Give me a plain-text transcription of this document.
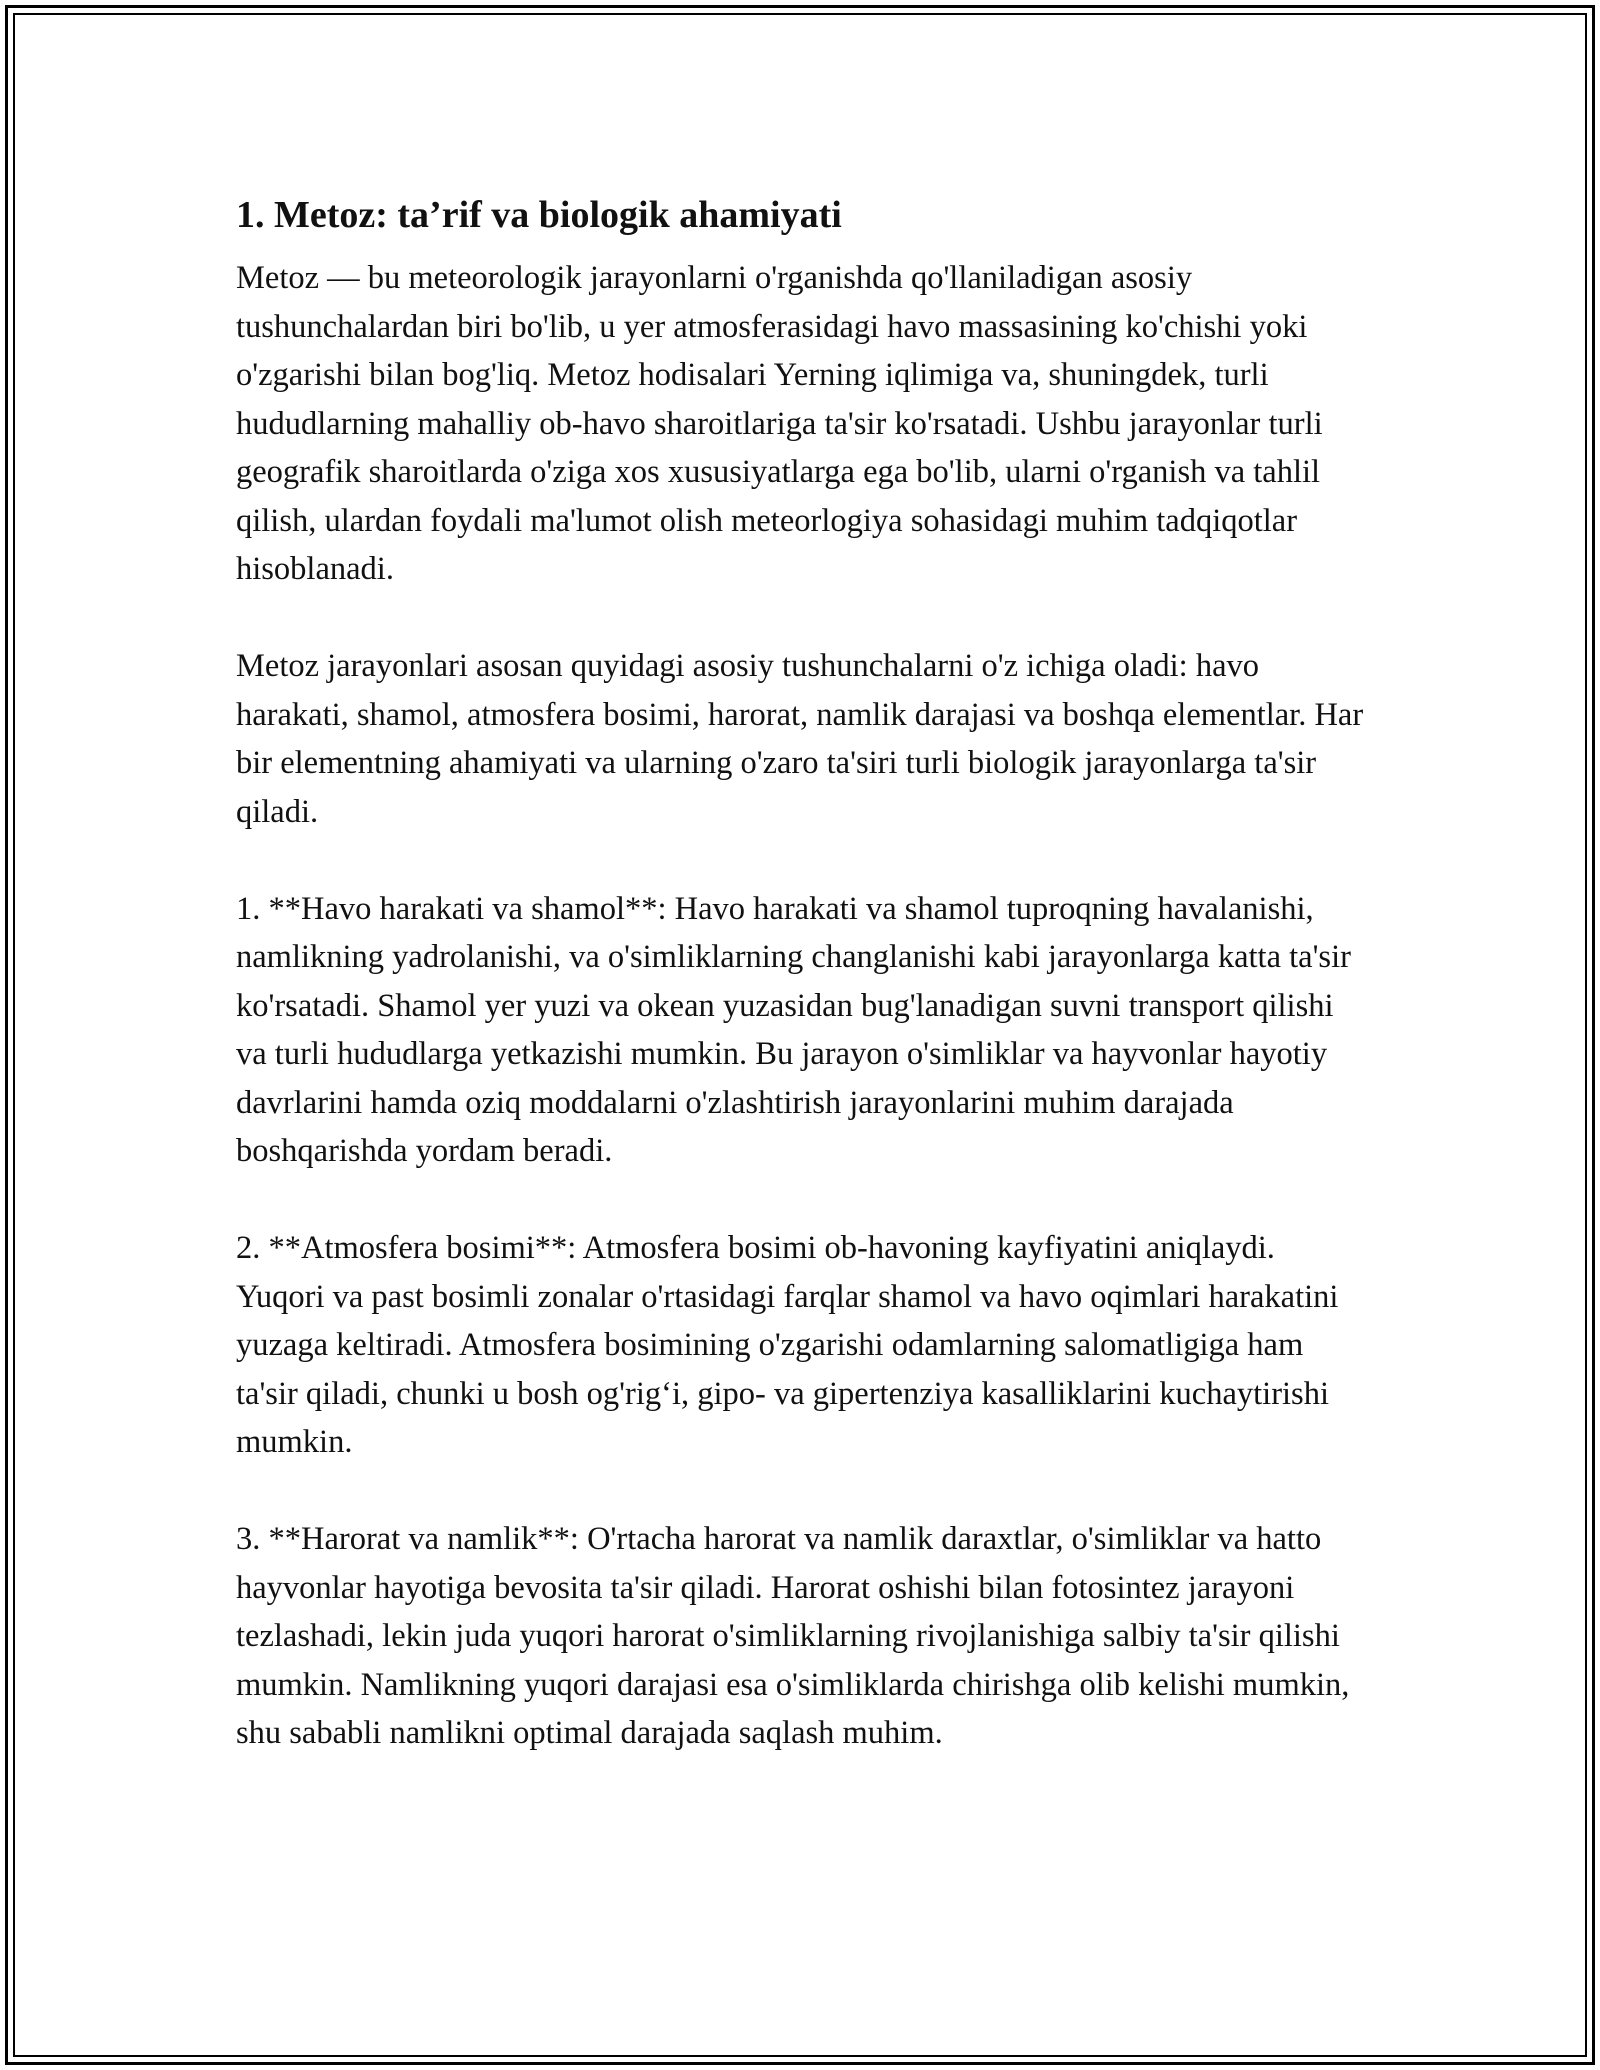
1. Metoz: ta’rif va biologik ahamiyati

Metoz — bu meteorologik jarayonlarni o'rganishda qo'llaniladigan asosiy tushunchalardan biri bo'lib, u yer atmosferasidagi havo massasining ko'chishi yoki o'zgarishi bilan bog'liq. Metoz hodisalari Yerning iqlimiga va, shuningdek, turli hududlarning mahalliy ob-havo sharoitlariga ta'sir ko'rsatadi. Ushbu jarayonlar turli geografik sharoitlarda o'ziga xos xususiyatlarga ega bo'lib, ularni o'rganish va tahlil qilish, ulardan foydali ma'lumot olish meteorlogiya sohasidagi muhim tadqiqotlar hisoblanadi.

Metoz jarayonlari asosan quyidagi asosiy tushunchalarni o'z ichiga oladi: havo harakati, shamol, atmosfera bosimi, harorat, namlik darajasi va boshqa elementlar. Har bir elementning ahamiyati va ularning o'zaro ta'siri turli biologik jarayonlarga ta'sir qiladi.

1. **Havo harakati va shamol**: Havo harakati va shamol tuproqning havalanishi, namlikning yadrolanishi, va o'simliklarning changlanishi kabi jarayonlarga katta ta'sir ko'rsatadi. Shamol yer yuzi va okean yuzasidan bug'lanadigan suvni transport qilishi va turli hududlarga yetkazishi mumkin. Bu jarayon o'simliklar va hayvonlar hayotiy davrlarini hamda oziq moddalarni o'zlashtirish jarayonlarini muhim darajada boshqarishda yordam beradi.

2. **Atmosfera bosimi**: Atmosfera bosimi ob-havoning kayfiyatini aniqlaydi. Yuqori va past bosimli zonalar o'rtasidagi farqlar shamol va havo oqimlari harakatini yuzaga keltiradi. Atmosfera bosimining o'zgarishi odamlarning salomatligiga ham ta'sir qiladi, chunki u bosh og'rig‘i, gipo- va gipertenziya kasalliklarini kuchaytirishi mumkin.

3. **Harorat va namlik**: O'rtacha harorat va namlik daraxtlar, o'simliklar va hatto hayvonlar hayotiga bevosita ta'sir qiladi. Harorat oshishi bilan fotosintez jarayoni tezlashadi, lekin juda yuqori harorat o'simliklarning rivojlanishiga salbiy ta'sir qilishi mumkin. Namlikning yuqori darajasi esa o'simliklarda chirishga olib kelishi mumkin, shu sababli namlikni optimal darajada saqlash muhim.
